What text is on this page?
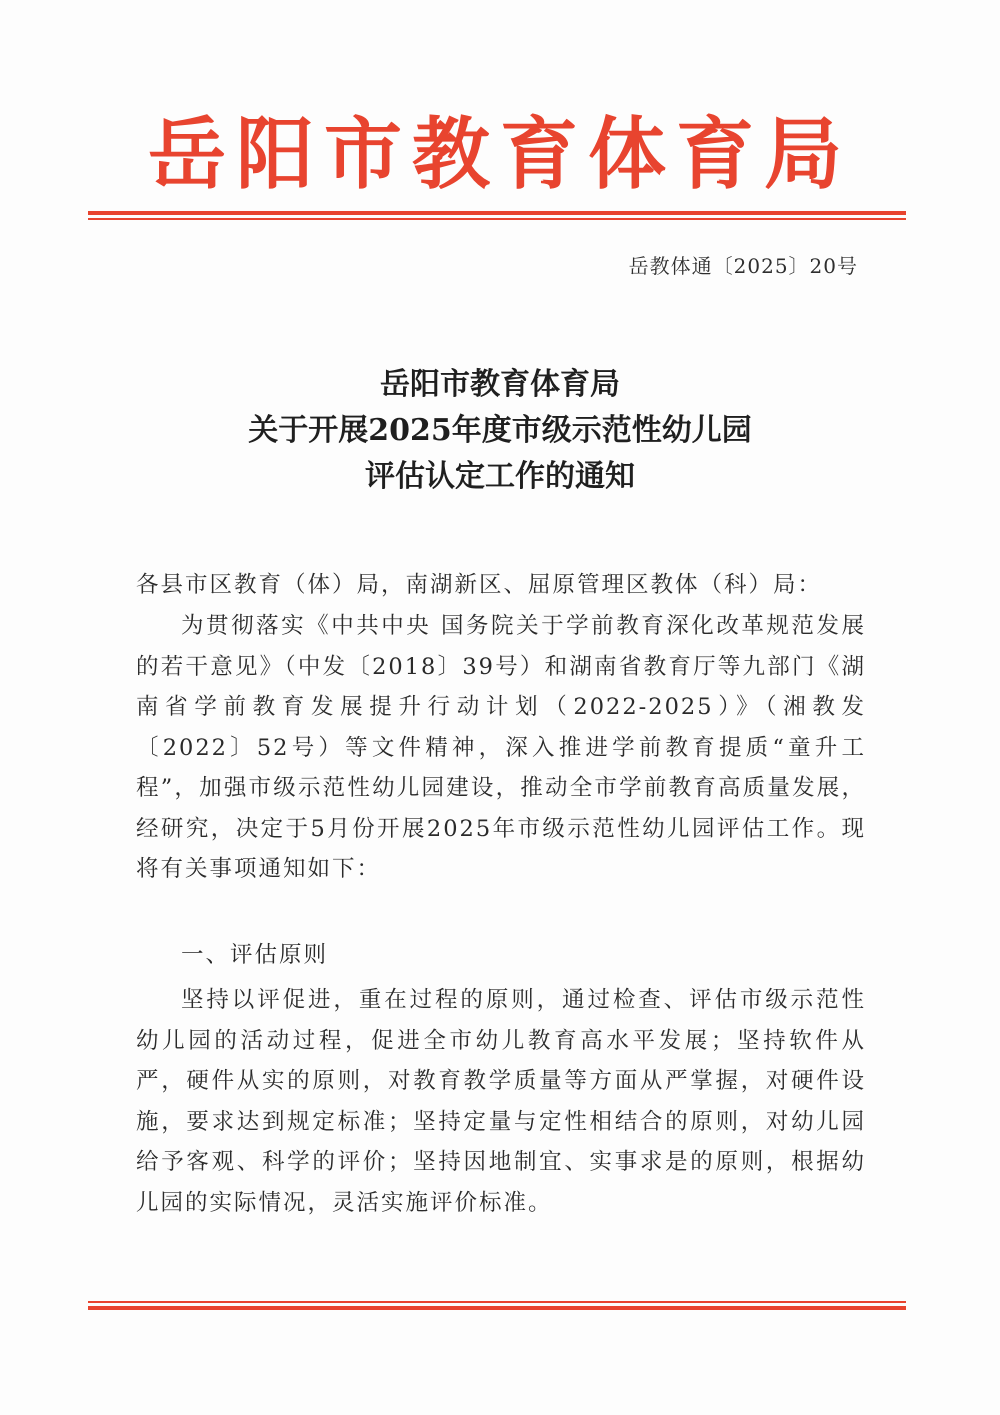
岳阳市教育体育局
岳教体通〔2025〕20号
岳阳市教育体育局
关于开展2025年度市级示范性幼儿园
评估认定工作的通知
各县市区教育（体）局，南湖新区、屈原管理区教体（科）局：
为贯彻落实《中共中央 国务院关于学前教育深化改革规范发展的若干意见》（中发〔2018〕39号）和湖南省教育厅等九部门《湖南省学前教育发展提升行动计划（2022-2025）》（湘教发〔2022〕52号）等文件精神，深入推进学前教育提质“童升工程”，加强市级示范性幼儿园建设，推动全市学前教育高质量发展，经研究，决定于5月份开展2025年市级示范性幼儿园评估工作。现将有关事项通知如下：
一、评估原则
坚持以评促进，重在过程的原则，通过检查、评估市级示范性幼儿园的活动过程，促进全市幼儿教育高水平发展；坚持软件从严，硬件从实的原则，对教育教学质量等方面从严掌握，对硬件设施，要求达到规定标准；坚持定量与定性相结合的原则，对幼儿园给予客观、科学的评价；坚持因地制宜、实事求是的原则，根据幼儿园的实际情况，灵活实施评价标准。
